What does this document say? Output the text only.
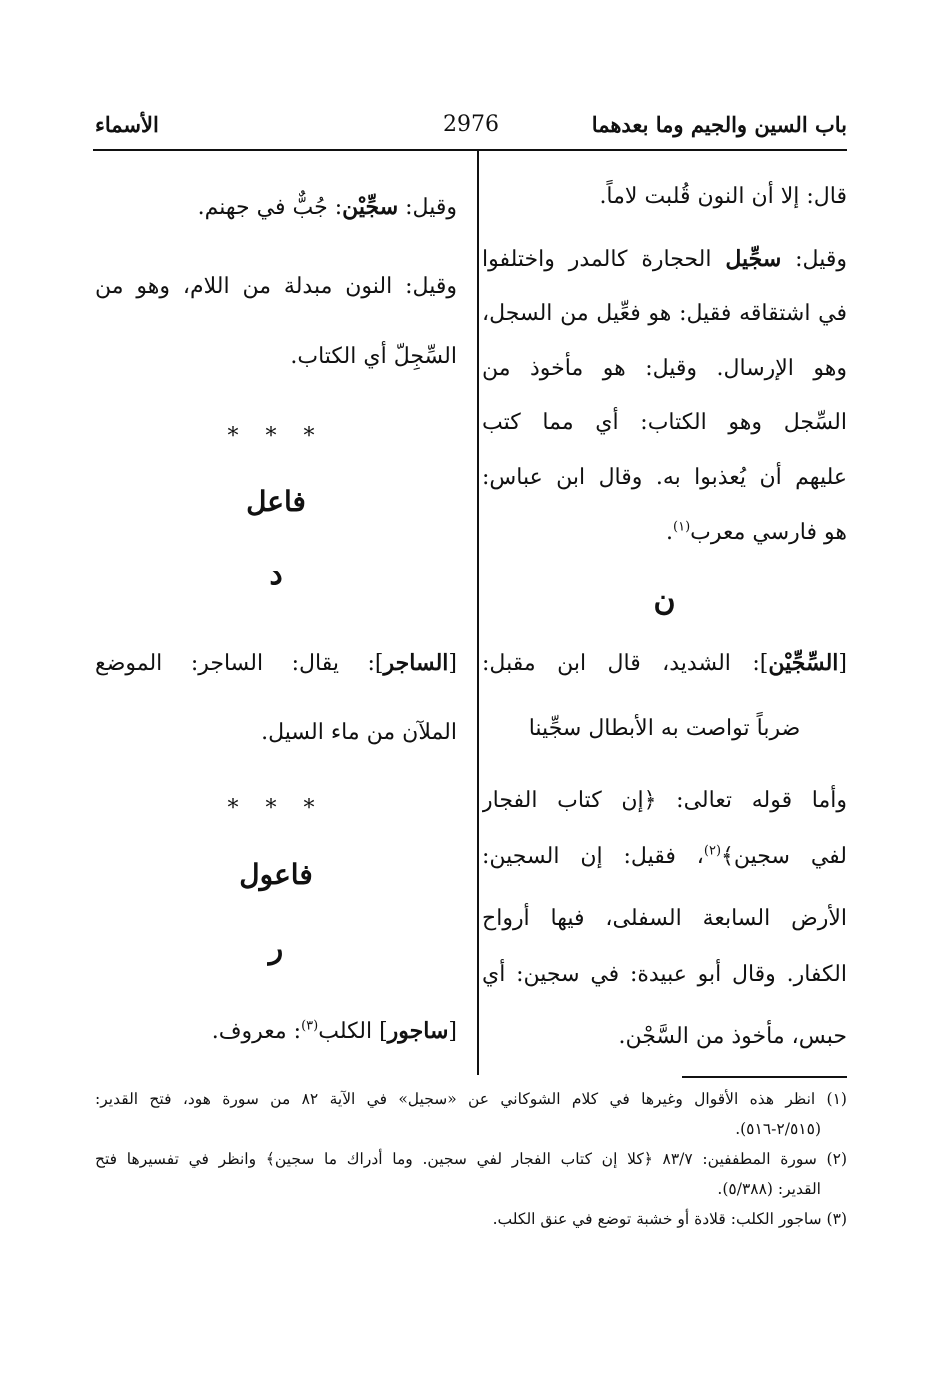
باب السين والجيم وما بعدهما
2976
الأسماء
قال: إلا أن النون قُلبت لاماً.
وقيل: سجِّيل الحجارة كالمدر واختلفوا
في اشتقاقه فقيل: هو فعِّيل من السجل،
وهو الإرسال. وقيل: هو مأخوذ من
السِّجل وهو الكتاب: أي مما كتب
عليهم أن يُعذبوا به. وقال ابن عباس:
هو فارسي معرب$^{(١)}$.
ن
[السِّجِّيْن]: الشديد، قال ابن مقبل:
ضرباً تواصت به الأبطال سجِّينا
وأما قوله تعالى: ﴿إن كتاب الفجار
لفي سجين﴾$^{(٢)}$، فقيل: إن السجين:
الأرض السابعة السفلى، فيها أرواح
الكفار. وقال أبو عبيدة: في سجين: أي
حبس، مأخوذ من السَّجْن.
وقيل: سجِّيْن: جُبٌّ في جهنم.
وقيل: النون مبدلة من اللام، وهو من
السِّجِلّ أي الكتاب.
* * *
فاعل
د
[الساجر]: يقال: الساجر: الموضع
الملآن من ماء السيل.
* * *
فاعول
ر
[ساجور] الكلب$^{(٣)}$: معروف.
(١) انظر هذه الأقوال وغيرها في كلام الشوكاني عن «سجيل» في الآية ٨٢ من سورة هود، فتح القدير:
(٢/٥١٥-٥١٦).
(٢) سورة المطففين: ٨٣/٧ ﴿كلا إن كتاب الفجار لفي سجين. وما أدراك ما سجين﴾ وانظر في تفسيرها فتح
القدير: (٥/٣٨٨).
(٣) ساجور الكلب: قلادة أو خشبة توضع في عنق الكلب.
